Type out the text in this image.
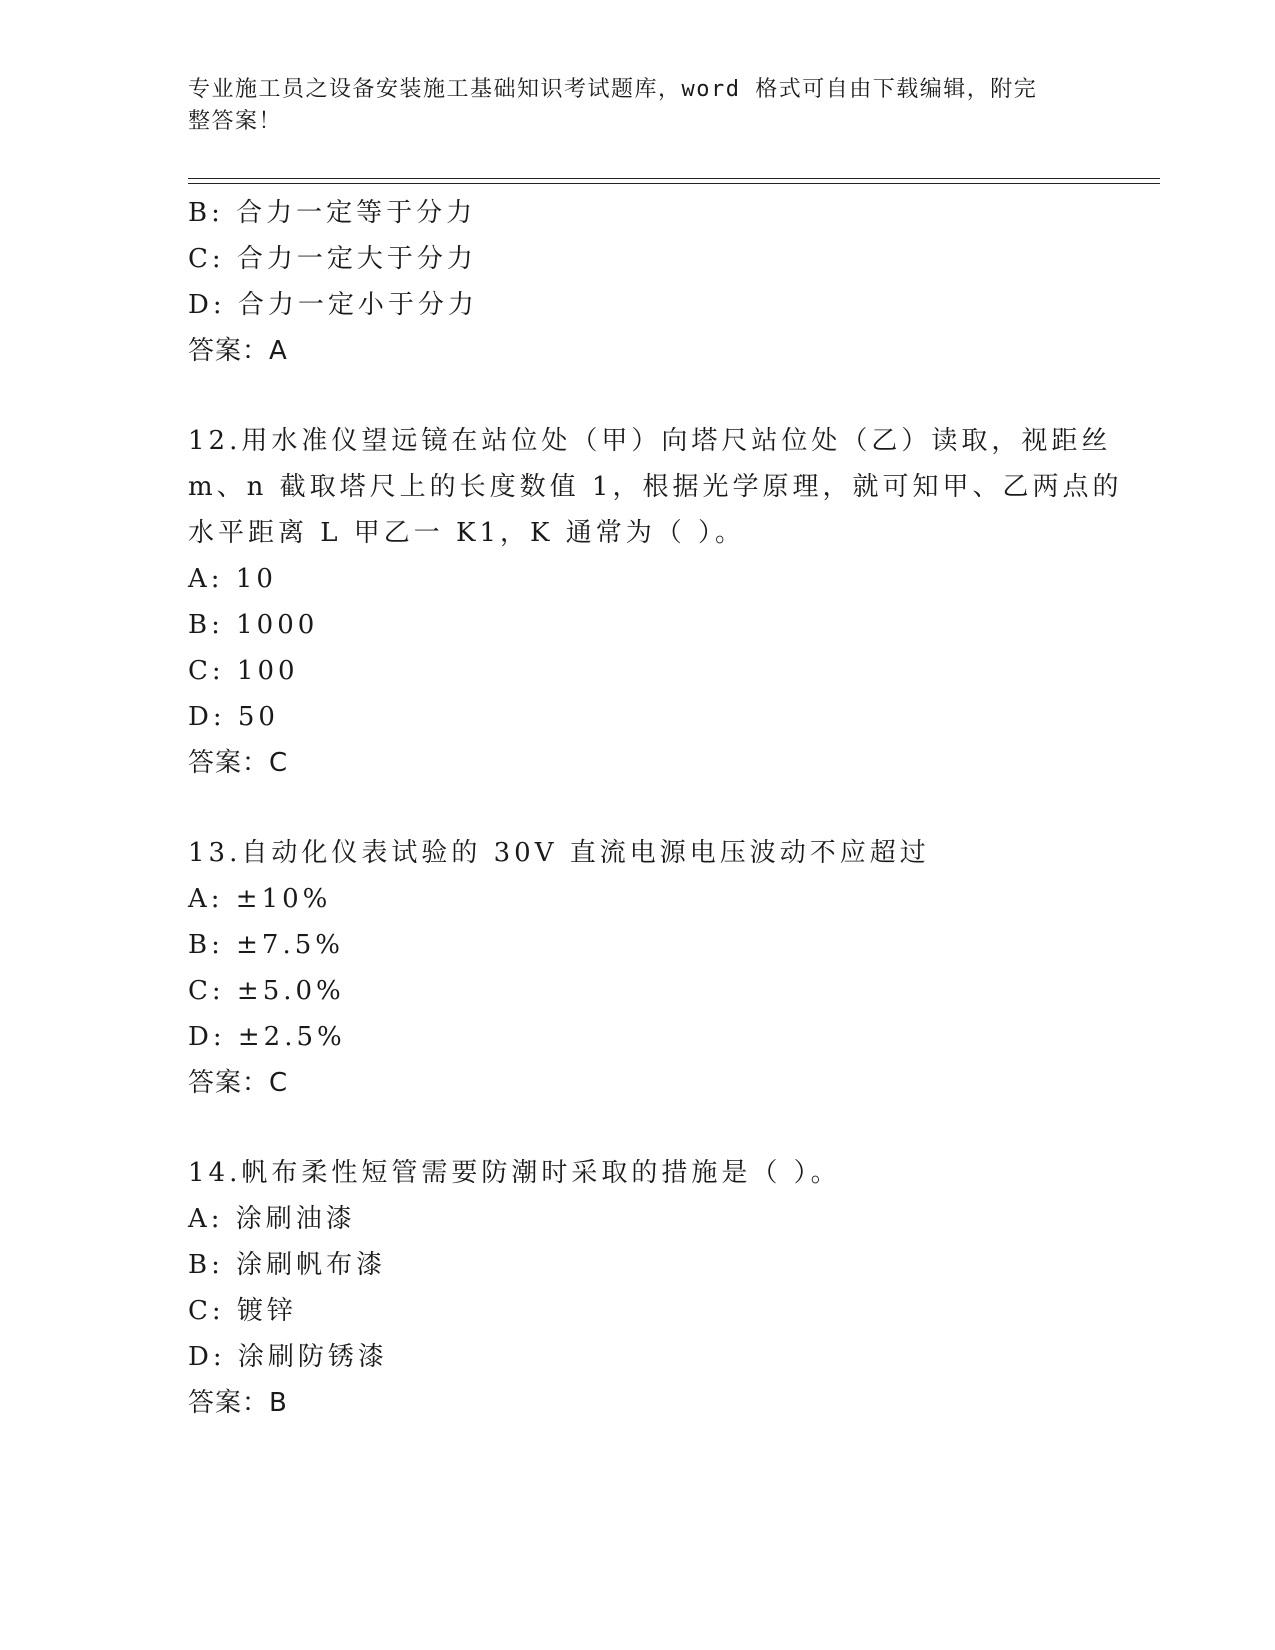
专业施工员之设备安装施工基础知识考试题库，word 格式可自由下载编辑，附完
整答案！
B: 合力一定等于分力
C: 合力一定大于分力
D: 合力一定小于分力
答案：A
12.用水准仪望远镜在站位处（甲）向塔尺站位处（乙）读取，视距丝
m、n 截取塔尺上的长度数值 1，根据光学原理，就可知甲、乙两点的
水平距离 L 甲乙一 K1，K 通常为（ ）。
A: 10
B: 1000
C: 100
D: 50
答案：C
13.自动化仪表试验的 30V 直流电源电压波动不应超过
A: ±10%
B: ±7.5%
C: ±5.0%
D: ±2.5%
答案：C
14.帆布柔性短管需要防潮时采取的措施是（ ）。
A: 涂刷油漆
B: 涂刷帆布漆
C: 镀锌
D: 涂刷防锈漆
答案：B
